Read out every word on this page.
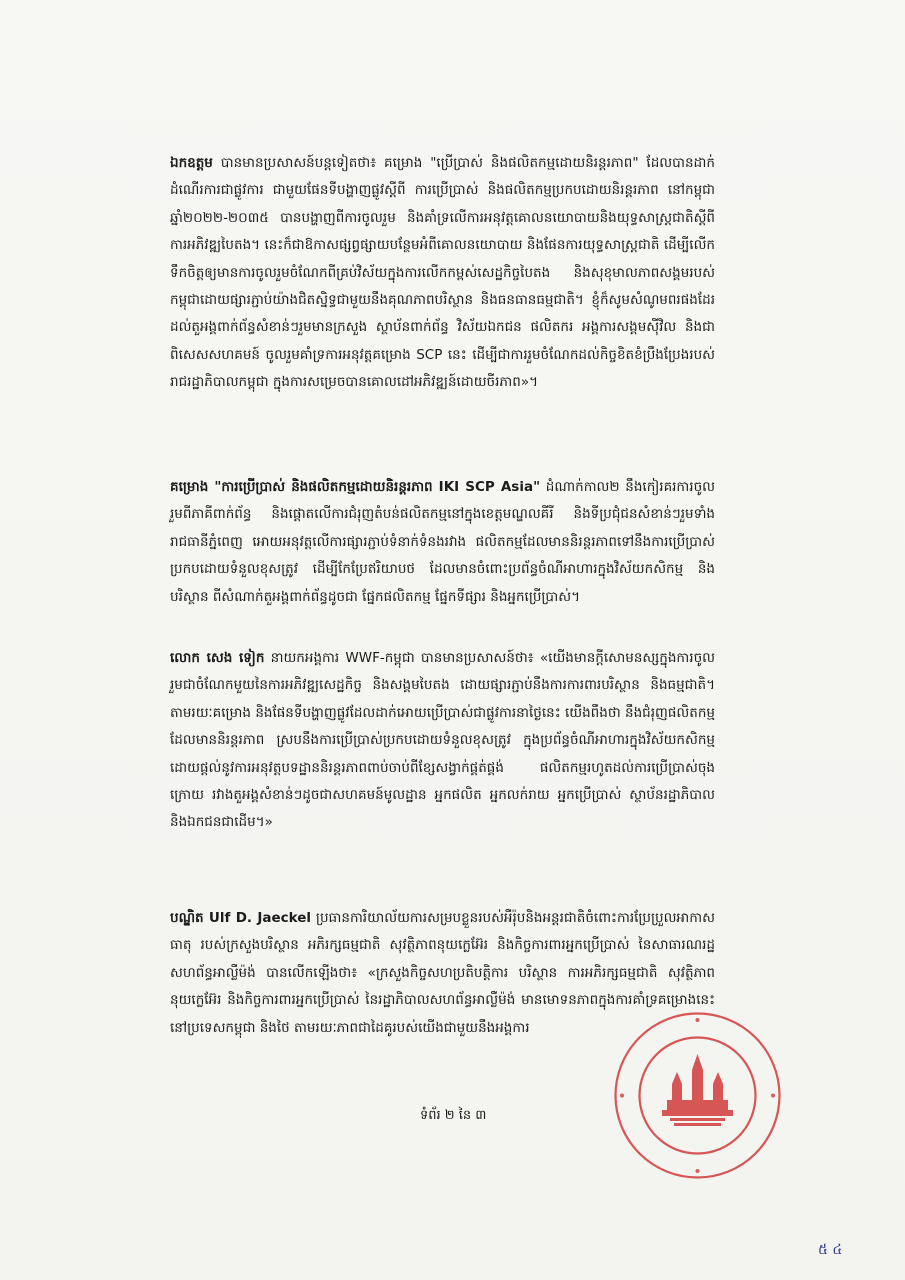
ឯកឧត្តម បានមានប្រសាសន៍បន្តទៀតថា៖ គម្រោង "ប្រើប្រាស់ និងផលិតកម្មដោយនិរន្តរភាព" ដែលបានដាក់ដំណើរការជាផ្លូវការ ជាមួយផែនទីបង្ហាញផ្លូវស្តីពី ការប្រើប្រាស់ និងផលិតកម្មប្រកបដោយនិរន្តរភាព នៅកម្ពុជា ឆ្នាំ២០២២-២០៣៥ បានបង្ហាញពីការចូលរួម និងគាំទ្រលើការអនុវត្តគោលនយោបាយនិងយុទ្ធសាស្ត្រជាតិស្តីពីការអភិវឌ្ឍបៃតង។ នេះក៏ជាឱកាសផ្សព្វផ្សាយបន្ថែមអំពីគោលនយោបាយ និងផែនការយុទ្ធសាស្ត្រជាតិ ដើម្បីលើកទឹកចិត្តឲ្យមានការចូលរួមចំណែកពីគ្រប់វិស័យក្នុងការលើកកម្ពស់សេដ្ឋកិច្ចបៃតង និងសុខុមាលភាពសង្គមរបស់កម្ពុជាដោយផ្សារភ្ជាប់យ៉ាងជិតស្និទ្ធជាមួយនឹងគុណភាពបរិស្ថាន និងធនធានធម្មជាតិ។ ខ្ញុំក៏សូមសំណូមពរផងដែរ ដល់តួអង្គពាក់ព័ន្ធសំខាន់ៗរួមមានក្រសួង ស្ថាប័នពាក់ព័ន្ធ វិស័យឯកជន ផលិតករ អង្គការសង្គមស៊ីវិល និងជាពិសេសសហគមន៍ ចូលរួមគាំទ្រការអនុវត្តគម្រោង SCP នេះ ដើម្បីជាការរួមចំណែកដល់កិច្ចខិតខំប្រឹងប្រែងរបស់រាជរដ្ឋាភិបាលកម្ពុជា ក្នុងការសម្រេចបានគោលដៅអភិវឌ្ឍន៍ដោយចីរភាព»។

គម្រោង "ការប្រើប្រាស់ និងផលិតកម្មដោយនិរន្តរភាព IKI SCP Asia" ដំណាក់កាល២ នឹងកៀរគរការចូលរួមពីភាគីពាក់ព័ន្ធ និងផ្តោតលើការជំរុញតំបន់ផលិតកម្មនៅក្នុងខេត្តមណ្ឌលគីរី និងទីប្រជុំជនសំខាន់ៗរួមទាំងរាជធានីភ្នំពេញ អោយអនុវត្តលើការផ្សារភ្ជាប់ទំនាក់ទំនងរវាង ផលិតកម្មដែលមាននិរន្តរភាពទៅនឹងការប្រើប្រាស់ប្រកបដោយទំនួលខុសត្រូវ ដើម្បីកែប្រែឥរិយាបថ ដែលមានចំពោះប្រព័ន្ធចំណីអាហារក្នុងវិស័យកសិកម្ម និងបរិស្ថាន ពីសំណាក់តួអង្គពាក់ព័ន្ធដូចជា ផ្នែកផលិតកម្ម ផ្នែកទីផ្សារ និងអ្នកប្រើប្រាស់។

លោក សេង ទៀក នាយកអង្គការ WWF-កម្ពុជា បានមានប្រសាសន៍ថា៖ «យើងមានក្តីសោមនស្សក្នុងការចូលរួមជាចំណែកមួយនៃការអភិវឌ្ឍសេដ្ឋកិច្ច និងសង្គមបៃតង ដោយផ្សារភ្ជាប់នឹងការការពារបរិស្ថាន និងធម្មជាតិ។ តាមរយៈគម្រោង និងផែនទីបង្ហាញផ្លូវដែលដាក់អោយប្រើប្រាស់ជាផ្លូវការនាថ្ងៃនេះ យើងពឹងថា នឹងជំរុញផលិតកម្មដែលមាននិរន្តរភាព ស្របនឹងការប្រើប្រាស់ប្រកបដោយទំនួលខុសត្រូវ ក្នុងប្រព័ន្ធចំណីអាហារក្នុងវិស័យកសិកម្ម ដោយផ្តល់នូវការអនុវត្តបទដ្ឋាននិរន្តរភាពពាប់ចាប់ពីខ្សែសង្វាក់ផ្គត់ផ្គង់ ផលិតកម្មរហូតដល់ការប្រើប្រាស់ចុងក្រោយ រវាងតួអង្គសំខាន់ៗដូចជាសហគមន៍មូលដ្ឋាន អ្នកផលិត អ្នកលក់រាយ អ្នកប្រើប្រាស់ ស្ថាប័នរដ្ឋាភិបាល និងឯកជនជាដើម។»

បណ្ឌិត Ulf D. Jaeckel ប្រធានការិយាល័យការសម្របខ្លួនរបស់អឺរ៉ុបនិងអន្តរជាតិចំពោះការប្រែប្រួលអាកាសធាតុ របស់ក្រសួងបរិស្ថាន អភិរក្សធម្មជាតិ សុវត្ថិភាពនុយក្លេអ៊ែរ និងកិច្ចការពារអ្នកប្រើប្រាស់ នៃសាធារណរដ្ឋសហព័ន្ធអាល្លឺម៉ង់ បានលើកឡើងថា៖ «ក្រសួងកិច្ចសហប្រតិបត្តិការ បរិស្ថាន ការអភិរក្សធម្មជាតិ សុវត្ថិភាពនុយក្លេអ៊ែរ និងកិច្ចការពារអ្នកប្រើប្រាស់ នៃរដ្ឋាភិបាលសហព័ន្ធអាល្លឺម៉ង់ មានមោទនភាពក្នុងការគាំទ្រគម្រោងនេះនៅប្រទេសកម្ពុជា និងថៃ តាមរយៈភាពជាដៃគូរបស់យើងជាមួយនឹងអង្គការ

ទំព័រ ២ នៃ ៣
៥ ៤
